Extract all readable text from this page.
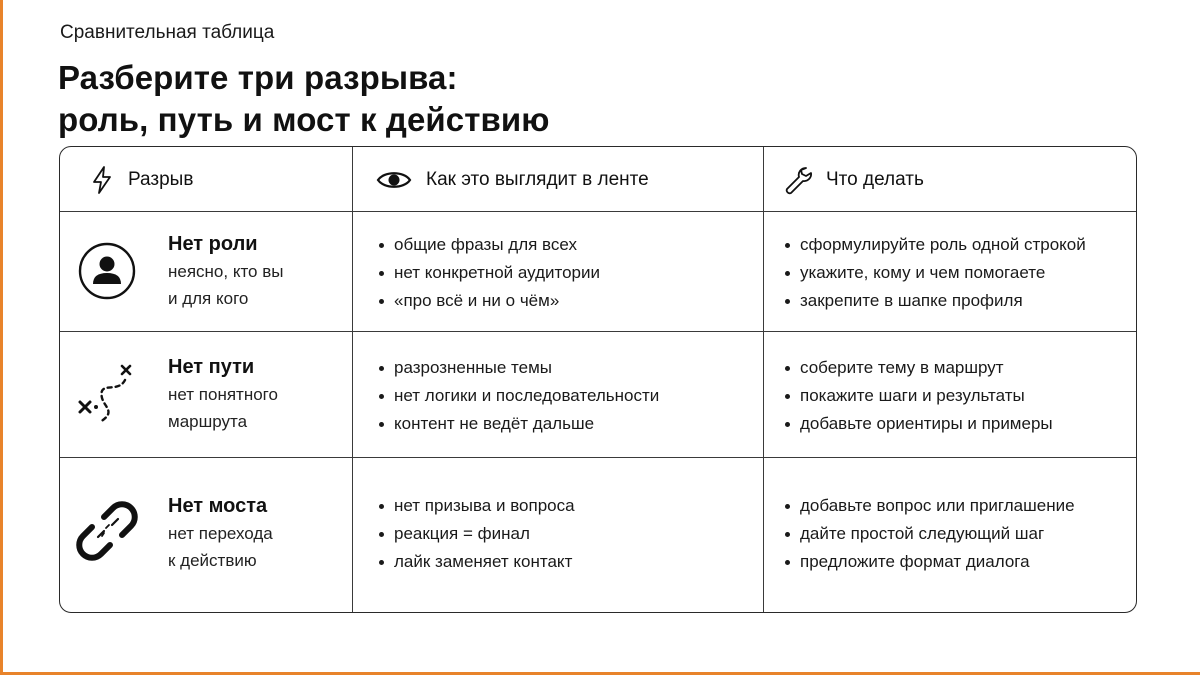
Сравнительная таблица
Разберите три разрыва:
роль, путь и мост к действию
Разрыв	Как это выглядит в ленте	Что делать
Нет роли
неясно, кто вы
и для кого
общие фразы для всех
нет конкретной аудитории
«про всё и ни о чём»
сформулируйте роль одной строкой
укажите, кому и чем помогаете
закрепите в шапке профиля
Нет пути
нет понятного
маршрута
разрозненные темы
нет логики и последовательности
контент не ведёт дальше
соберите тему в маршрут
покажите шаги и результаты
добавьте ориентиры и примеры
Нет моста
нет перехода
к действию
нет призыва и вопроса
реакция = финал
лайк заменяет контакт
добавьте вопрос или приглашение
дайте простой следующий шаг
предложите формат диалога
